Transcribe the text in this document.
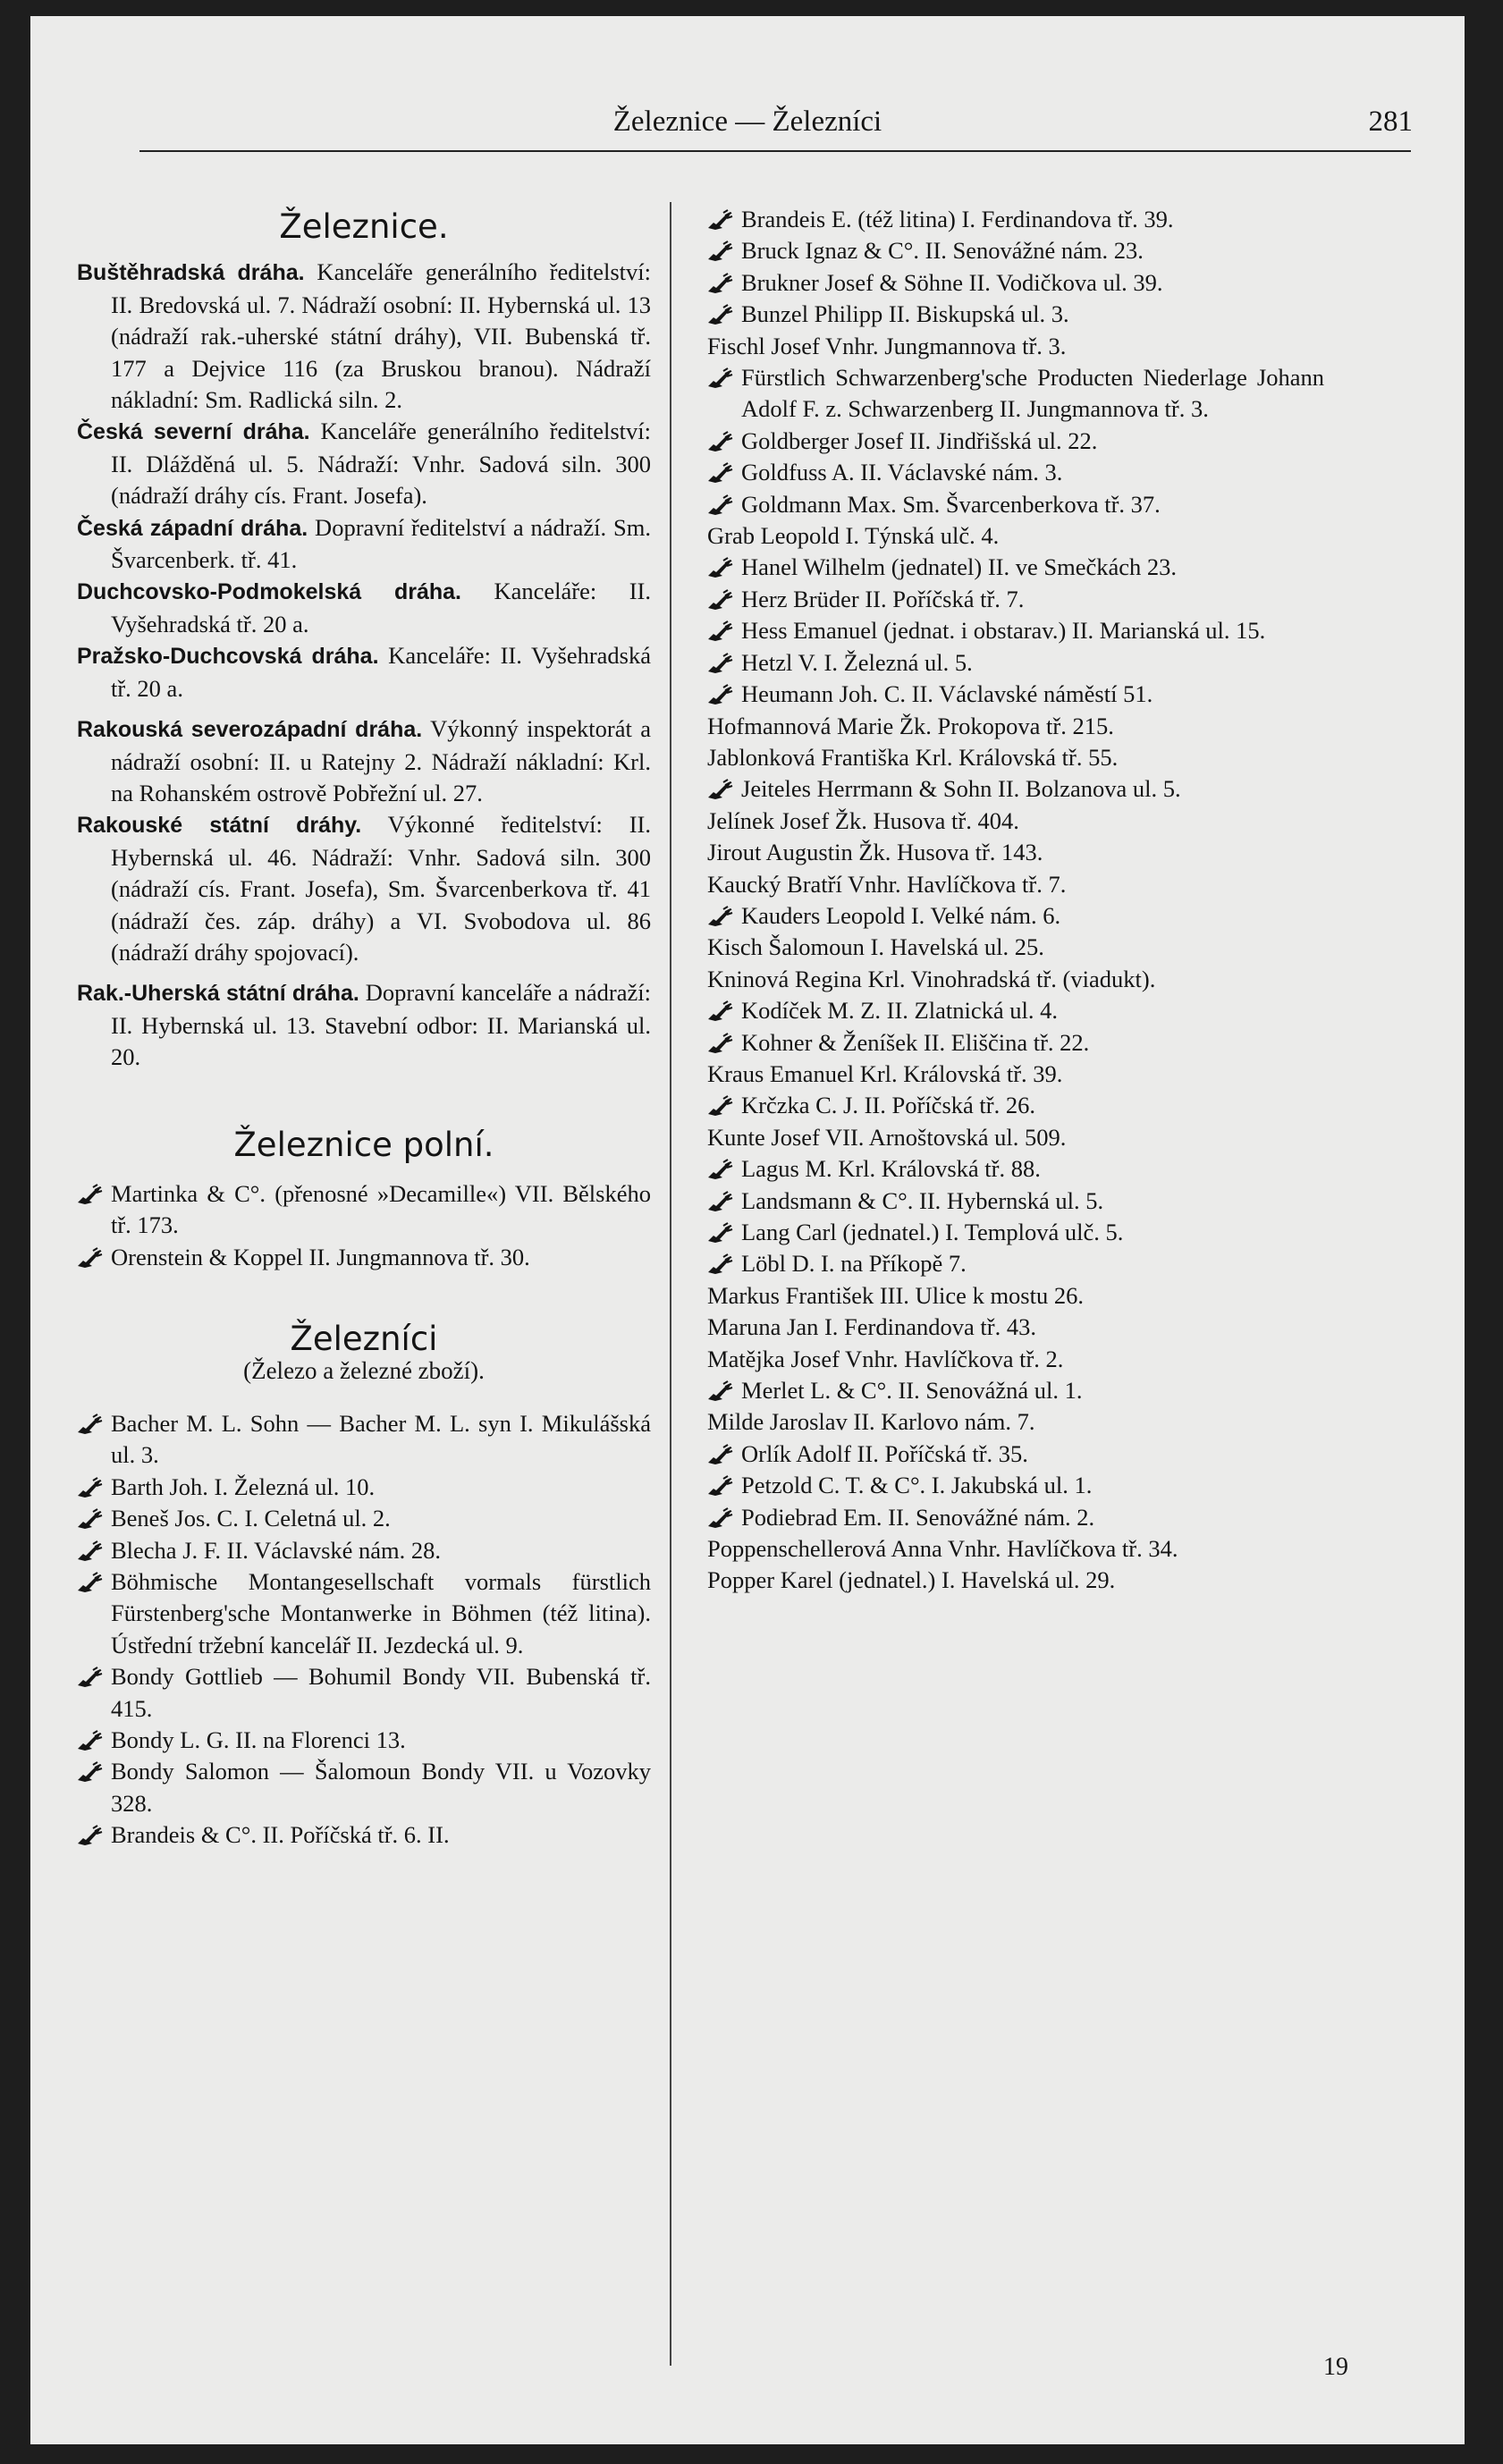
Železnice — Železníci	281
Železnice.
Buštěhradská dráha. Kanceláře generálního ředitelství: II. Bredovská ul. 7. Nádraží osobní: II. Hybernská ul. 13 (nádraží rak.-uherské státní dráhy), VII. Bubenská tř. 177 a Dejvice 116 (za Bruskou branou). Nádraží nákladní: Sm. Radlická siln. 2.
Česká severní dráha. Kanceláře generálního ředitelství: II. Dlážděná ul. 5. Nádraží: Vnhr. Sadová siln. 300 (nádraží dráhy cís. Frant. Josefa).
Česká západní dráha. Dopravní ředitelství a nádraží. Sm. Švarcenberk. tř. 41.
Duchcovsko-Podmokelská dráha. Kanceláře: II. Vyšehradská tř. 20 a.
Pražsko-Duchcovská dráha. Kanceláře: II. Vyšehradská tř. 20 a.
Rakouská severozápadní dráha. Výkonný inspektorát a nádraží osobní: II. u Ratejny 2. Nádraží nákladní: Krl. na Rohanském ostrově Pobřežní ul. 27.
Rakouské státní dráhy. Výkonné ředitelství: II. Hybernská ul. 46. Nádraží: Vnhr. Sadová siln. 300 (nádraží cís. Frant. Josefa), Sm. Švarcenberkova tř. 41 (nádraží čes. záp. dráhy) a VI. Svobodova ul. 86 (nádraží dráhy spojovací).
Rak.-Uherská státní dráha. Dopravní kanceláře a nádraží: II. Hybernská ul. 13. Stavební odbor: II. Marianská ul. 20.
Železnice polní.
Martinka & C°. (přenosné »Decamille«) VII. Bělského tř. 173.
Orenstein & Koppel II. Jungmannova tř. 30.
Železníci
(Železo a železné zboží).
Bacher M. L. Sohn — Bacher M. L. syn I. Mikulášská ul. 3.
Barth Joh. I. Železná ul. 10.
Beneš Jos. C. I. Celetná ul. 2.
Blecha J. F. II. Václavské nám. 28.
Böhmische Montangesellschaft vormals fürstlich Fürstenberg'sche Montanwerke in Böhmen (též litina). Ústřední tržební kancelář II. Jezdecká ul. 9.
Bondy Gottlieb — Bohumil Bondy VII. Bubenská tř. 415.
Bondy L. G. II. na Florenci 13.
Bondy Salomon — Šalomoun Bondy VII. u Vozovky 328.
Brandeis & C°. II. Poříčská tř. 6. II.
Brandeis E. (též litina) I. Ferdinandova tř. 39.
Bruck Ignaz & C°. II. Senovážné nám. 23.
Brukner Josef & Söhne II. Vodičkova ul. 39.
Bunzel Philipp II. Biskupská ul. 3.
Fischl Josef Vnhr. Jungmannova tř. 3.
Fürstlich Schwarzenberg'sche Producten Niederlage Johann Adolf F. z. Schwarzenberg II. Jungmannova tř. 3.
Goldberger Josef II. Jindřišská ul. 22.
Goldfuss A. II. Václavské nám. 3.
Goldmann Max. Sm. Švarcenberkova tř. 37.
Grab Leopold I. Týnská ulč. 4.
Hanel Wilhelm (jednatel) II. ve Smečkách 23.
Herz Brüder II. Poříčská tř. 7.
Hess Emanuel (jednat. i obstarav.) II. Marianská ul. 15.
Hetzl V. I. Železná ul. 5.
Heumann Joh. C. II. Václavské náměstí 51.
Hofmannová Marie Žk. Prokopova tř. 215.
Jablonková Františka Krl. Královská tř. 55.
Jeiteles Herrmann & Sohn II. Bolzanova ul. 5.
Jelínek Josef Žk. Husova tř. 404.
Jirout Augustin Žk. Husova tř. 143.
Kaucký Bratří Vnhr. Havlíčkova tř. 7.
Kauders Leopold I. Velké nám. 6.
Kisch Šalomoun I. Havelská ul. 25.
Kninová Regina Krl. Vinohradská tř. (viadukt).
Kodíček M. Z. II. Zlatnická ul. 4.
Kohner & Ženíšek II. Eliščina tř. 22.
Kraus Emanuel Krl. Královská tř. 39.
Krčzka C. J. II. Poříčská tř. 26.
Kunte Josef VII. Arnoštovská ul. 509.
Lagus M. Krl. Královská tř. 88.
Landsmann & C°. II. Hybernská ul. 5.
Lang Carl (jednatel.) I. Templová ulč. 5.
Löbl D. I. na Příkopě 7.
Markus František III. Ulice k mostu 26.
Maruna Jan I. Ferdinandova tř. 43.
Matějka Josef Vnhr. Havlíčkova tř. 2.
Merlet L. & C°. II. Senovážná ul. 1.
Milde Jaroslav II. Karlovo nám. 7.
Orlík Adolf II. Poříčská tř. 35.
Petzold C. T. & C°. I. Jakubská ul. 1.
Podiebrad Em. II. Senovážné nám. 2.
Poppenschellerová Anna Vnhr. Havlíčkova tř. 34.
Popper Karel (jednatel.) I. Havelská ul. 29.
19
